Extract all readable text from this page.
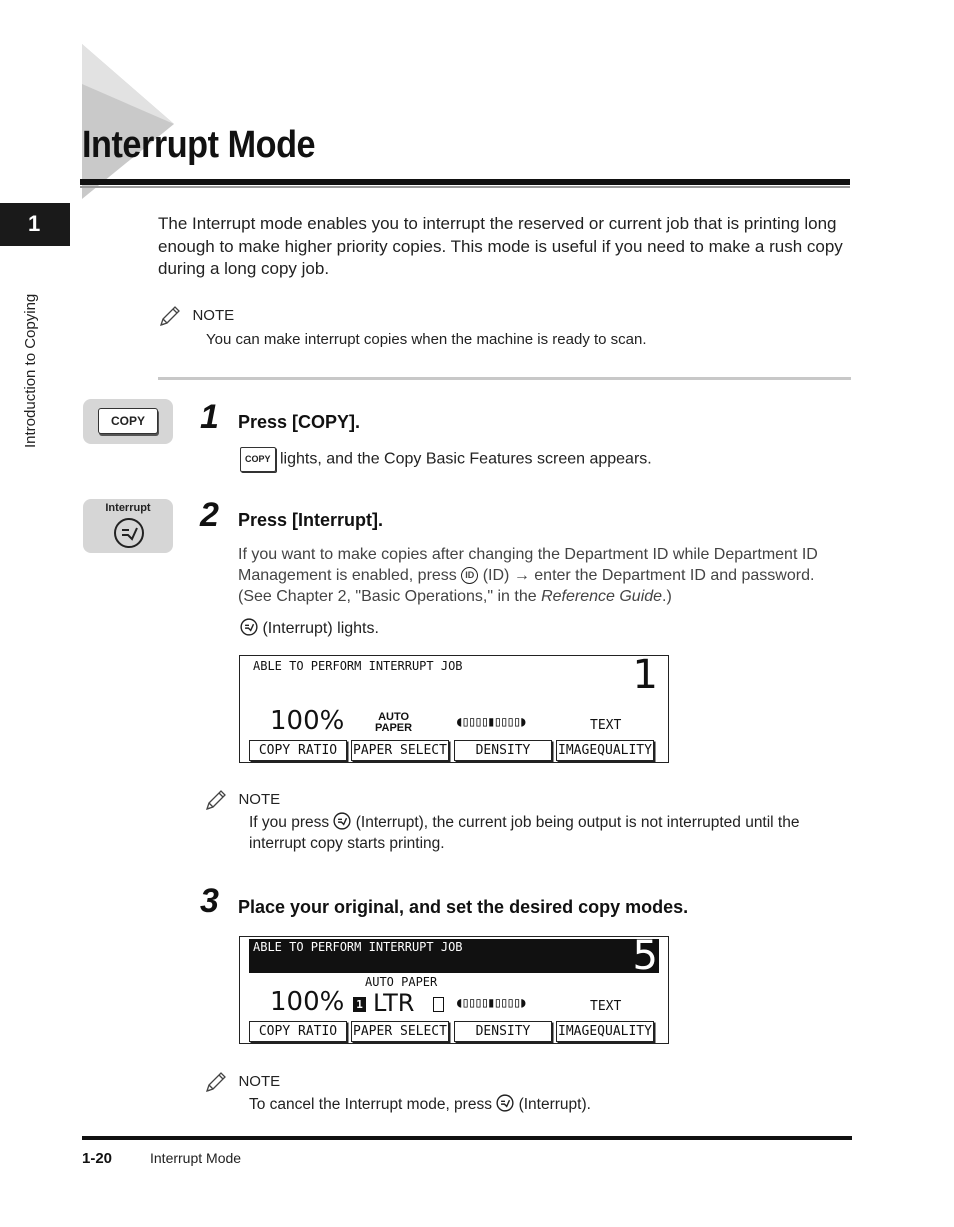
Interrupt Mode
1
Introduction to Copying
The Interrupt mode enables you to interrupt the reserved or current job that is printing long enough to make higher priority copies. This mode is useful if you need to make a rush copy during a long copy job.
NOTE
You can make interrupt copies when the machine is ready to scan.
COPY	1 Press [COPY].
COPY lights, and the Copy Basic Features screen appears.
Interrupt	2 Press [Interrupt].
If you want to make copies after changing the Department ID while Department ID Management is enabled, press ID (ID) → enter the Department ID and password. (See Chapter 2, "Basic Operations," in the Reference Guide.)
(Interrupt) lights.
ABLE TO PERFORM INTERRUPT JOB	1
100%	AUTO
PAPER	◖▯▯▯▯▮▯▯▯▯◗	TEXT
COPY RATIO	PAPER SELECT	DENSITY	IMAGEQUALITY
NOTE
If you press (Interrupt), the current job being output is not interrupted until the interrupt copy starts printing.
3 Place your original, and set the desired copy modes.
ABLE TO PERFORM INTERRUPT JOB	5
AUTO PAPER
100% 1 LTR	◖▯▯▯▯▮▯▯▯▯◗	TEXT
COPY RATIO	PAPER SELECT	DENSITY	IMAGEQUALITY
NOTE
To cancel the Interrupt mode, press (Interrupt).
1-20	Interrupt Mode
